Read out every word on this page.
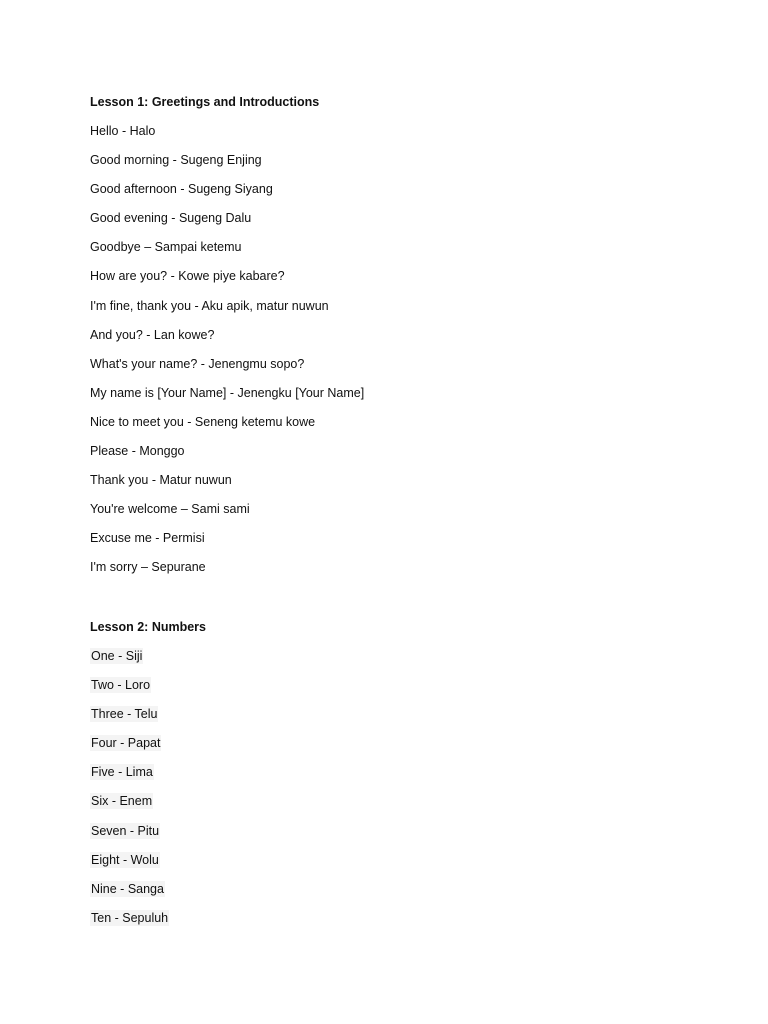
Lesson 1: Greetings and Introductions
Hello - Halo
Good morning - Sugeng Enjing
Good afternoon - Sugeng Siyang
Good evening - Sugeng Dalu
Goodbye – Sampai ketemu
How are you? - Kowe piye kabare?
I'm fine, thank you - Aku apik, matur nuwun
And you? - Lan kowe?
What's your name? - Jenengmu sopo?
My name is [Your Name] - Jenengku [Your Name]
Nice to meet you - Seneng ketemu kowe
Please - Monggo
Thank you - Matur nuwun
You're welcome – Sami sami
Excuse me - Permisi
I'm sorry – Sepurane
Lesson 2: Numbers
One - Siji
Two - Loro
Three - Telu
Four - Papat
Five - Lima
Six - Enem
Seven - Pitu
Eight - Wolu
Nine - Sanga
Ten - Sepuluh
